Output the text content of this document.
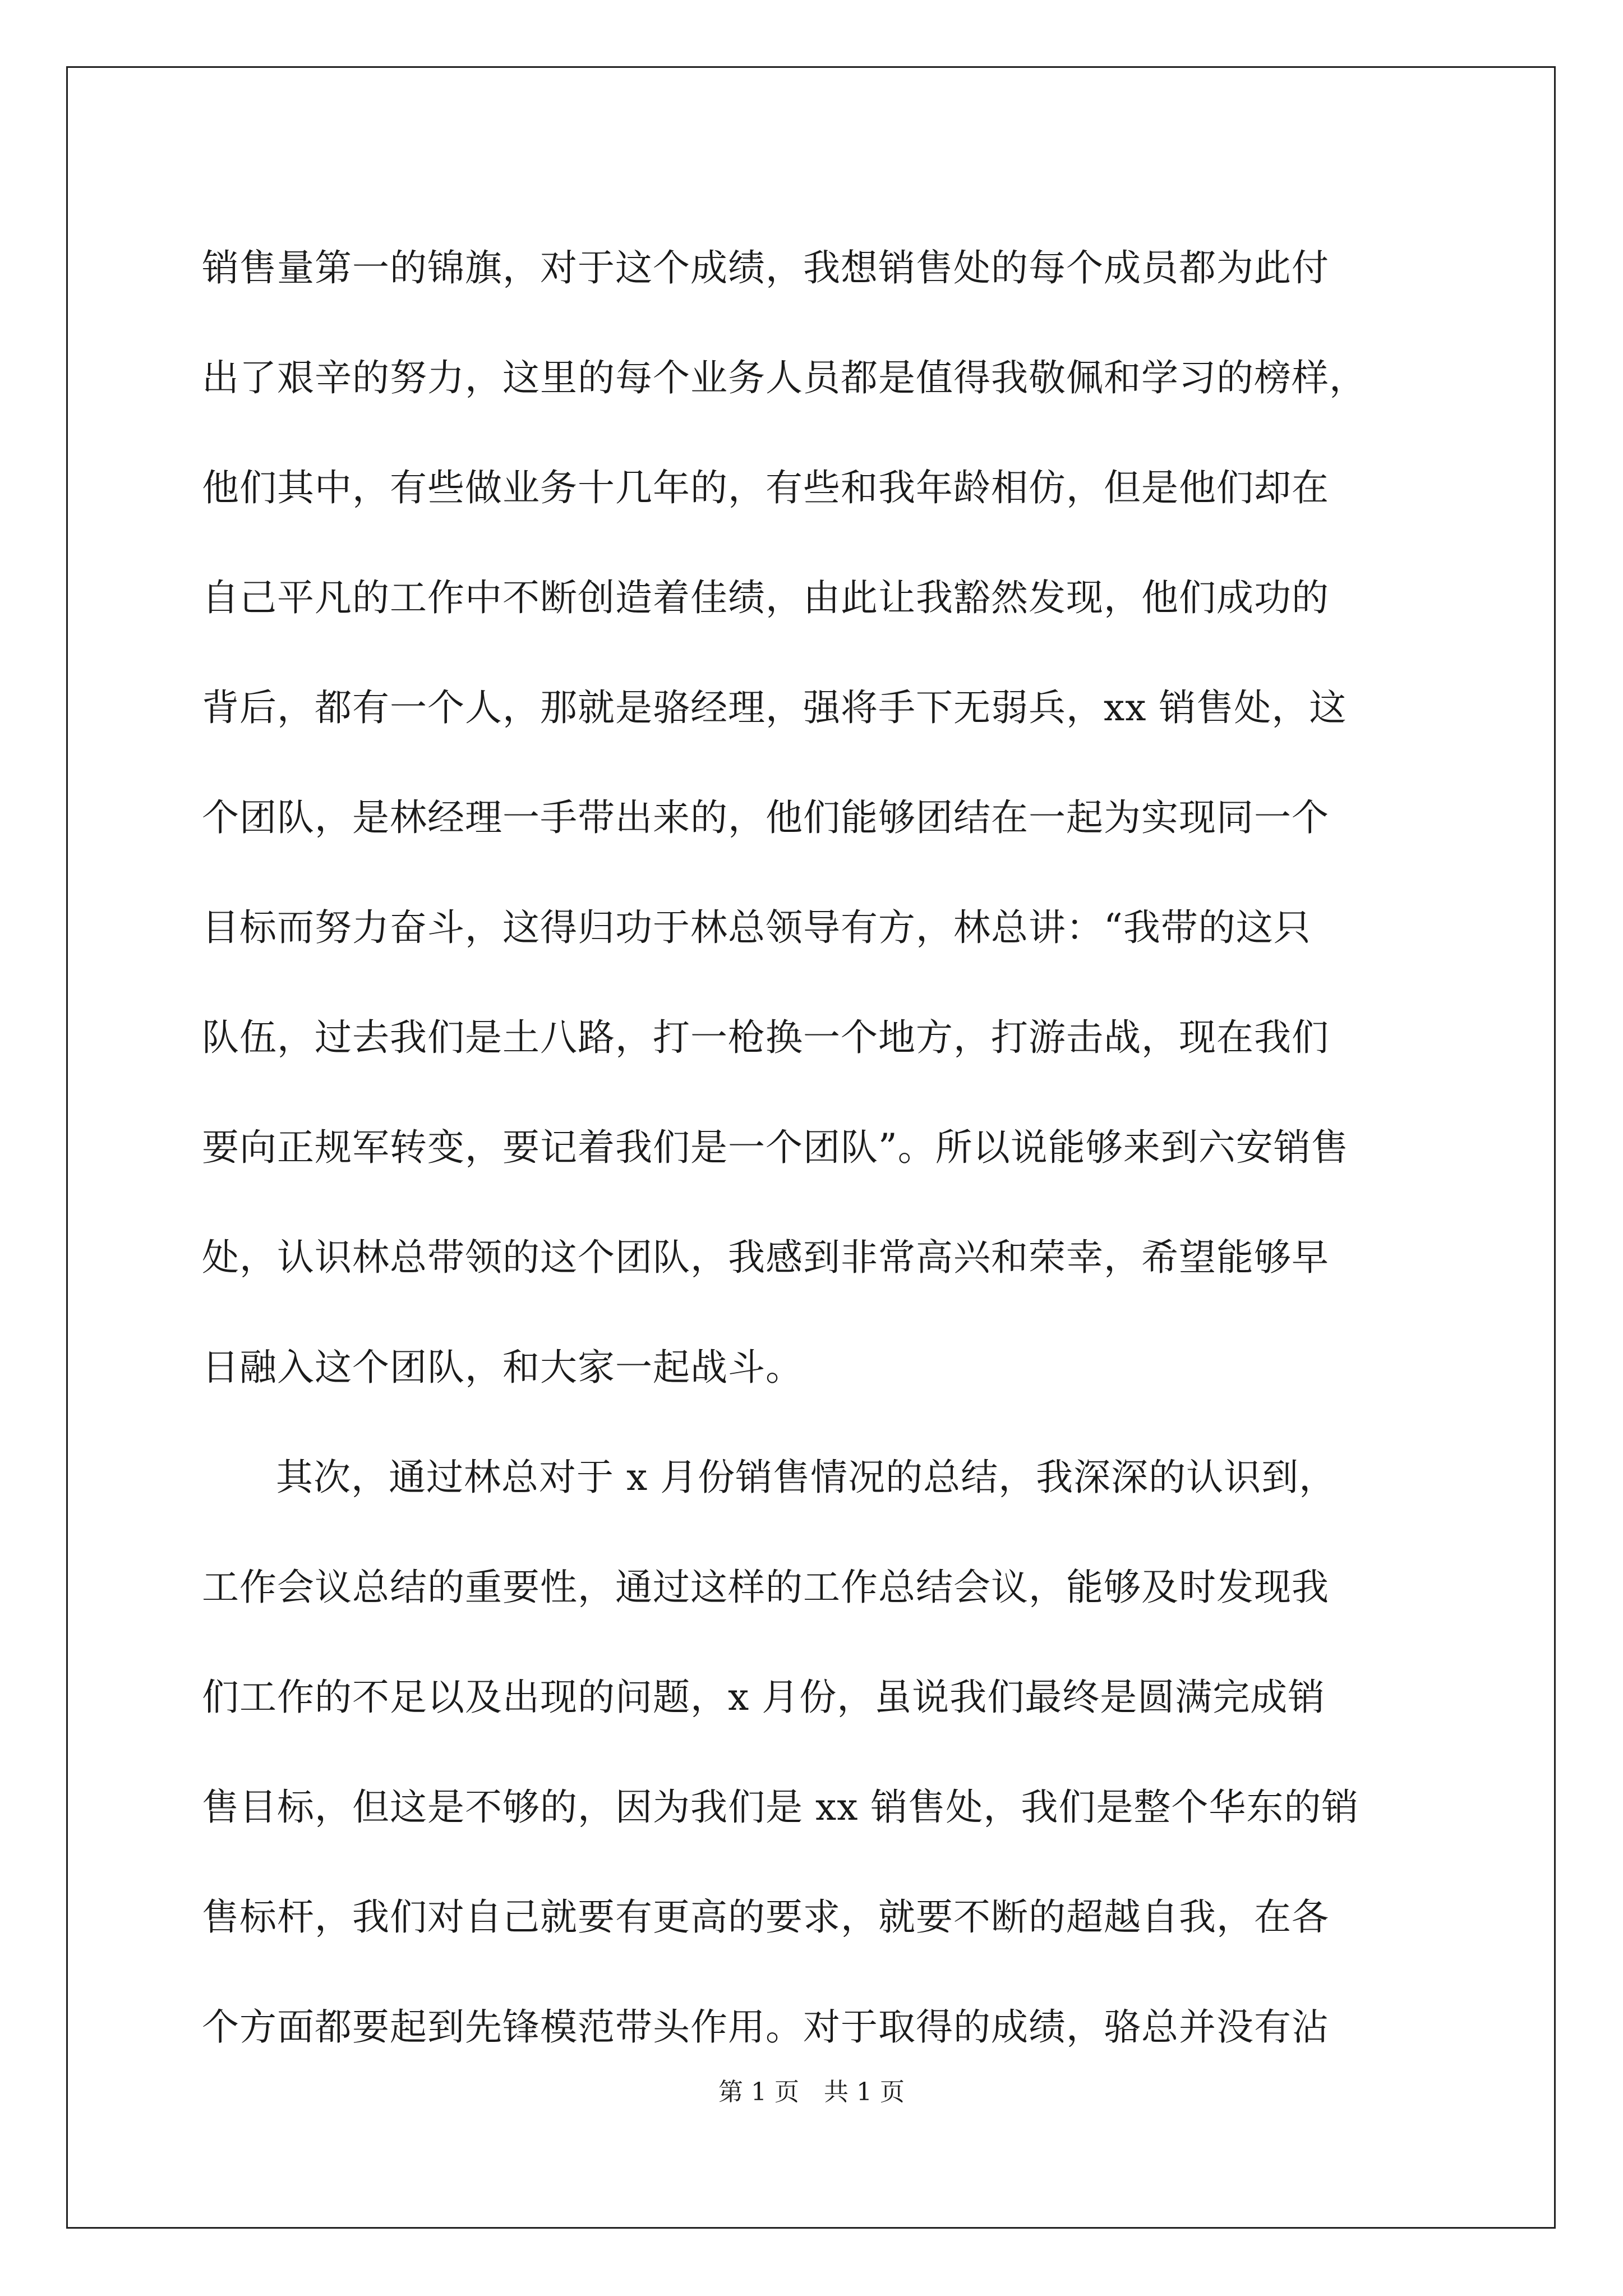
销售量第一的锦旗，对于这个成绩，我想销售处的每个成员都为此付
出了艰辛的努力，这里的每个业务人员都是值得我敬佩和学习的榜样，
他们其中，有些做业务十几年的，有些和我年龄相仿，但是他们却在
自己平凡的工作中不断创造着佳绩，由此让我豁然发现，他们成功的
背后，都有一个人，那就是骆经理，强将手下无弱兵，xx 销售处，这
个团队，是林经理一手带出来的，他们能够团结在一起为实现同一个
目标而努力奋斗，这得归功于林总领导有方，林总讲：“我带的这只
队伍，过去我们是土八路，打一枪换一个地方，打游击战，现在我们
要向正规军转变，要记着我们是一个团队”。所以说能够来到六安销售
处，认识林总带领的这个团队，我感到非常高兴和荣幸，希望能够早
日融入这个团队，和大家一起战斗。
其次，通过林总对于 x 月份销售情况的总结，我深深的认识到，
工作会议总结的重要性，通过这样的工作总结会议，能够及时发现我
们工作的不足以及出现的问题，x 月份，虽说我们最终是圆满完成销
售目标，但这是不够的，因为我们是 xx 销售处，我们是整个华东的销
售标杆，我们对自己就要有更高的要求，就要不断的超越自我，在各
个方面都要起到先锋模范带头作用。对于取得的成绩，骆总并没有沾
第 1 页　共 1 页
